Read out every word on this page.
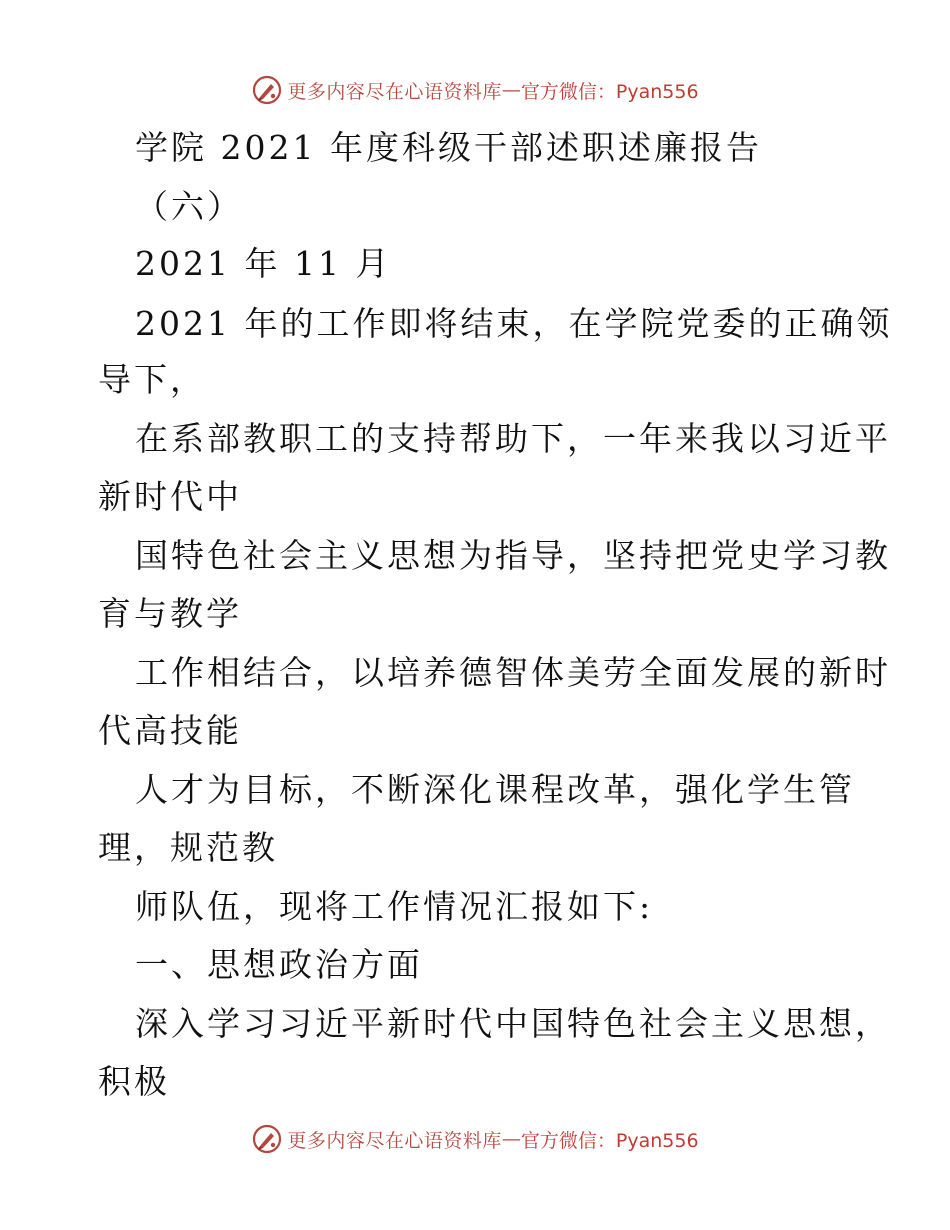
更多内容尽在心语资料库 — 官方微信：Pyan556
学院 2021 年度科级干部述职述廉报告
（六）
2021 年 11 月
2021 年的工作即将结束，在学院党委的正确领
导下，
在系部教职工的支持帮助下，一年来我以习近平
新时代中
国特色社会主义思想为指导，坚持把党史学习教
育与教学
工作相结合，以培养德智体美劳全面发展的新时
代高技能
人才为目标，不断深化课程改革，强化学生管
理，规范教
师队伍，现将工作情况汇报如下:
一、思想政治方面
深入学习习近平新时代中国特色社会主义思想，
积极
更多内容尽在心语资料库 — 官方微信：Pyan556
